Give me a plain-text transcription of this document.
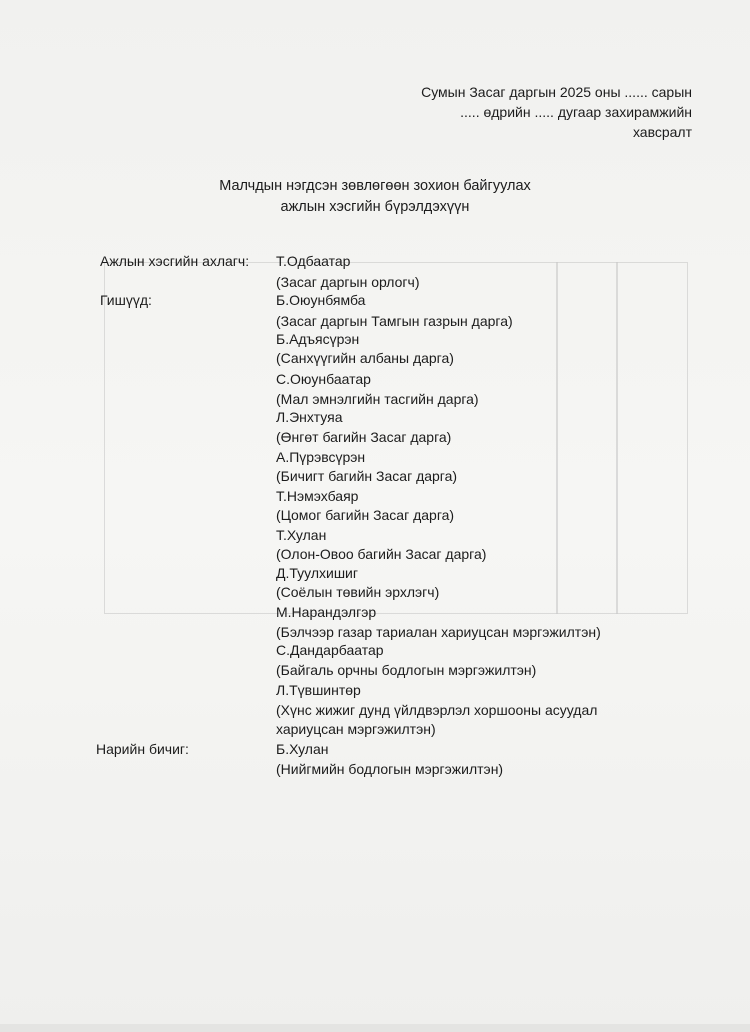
Сумын Засаг даргын 2025 оны ...... сарын
..... өдрийн ..... дугаар захирамжийн
хавсралт
Малчдын нэгдсэн зөвлөгөөн зохион байгуулах
ажлын хэсгийн бүрэлдэхүүн
Ажлын хэсгийн ахлагч: Т.Одбаатар
(Засаг даргын орлогч)
Гишүүд:	Б.Оюунбямба
(Засаг даргын Тамгын газрын дарга)
Б.Адъясүрэн
(Санхүүгийн албаны дарга)
С.Оюунбаатар
(Мал эмнэлгийн тасгийн дарга)
Л.Энхтуяа
(Өнгөт багийн Засаг дарга)
А.Пүрэвсүрэн
(Бичигт багийн Засаг дарга)
Т.Нэмэхбаяр
(Цомог багийн Засаг дарга)
Т.Хулан
(Олон-Овоо багийн Засаг дарга)
Д.Туулхишиг
(Соёлын төвийн эрхлэгч)
М.Нарандэлгэр
(Бэлчээр газар тариалан хариуцсан мэргэжилтэн)
С.Дандарбаатар
(Байгаль орчны бодлогын мэргэжилтэн)
Л.Түвшинтөр
(Хүнс жижиг дунд үйлдвэрлэл хоршооны асуудал
хариуцсан мэргэжилтэн)
Нарийн бичиг:	Б.Хулан
(Нийгмийн бодлогын мэргэжилтэн)
